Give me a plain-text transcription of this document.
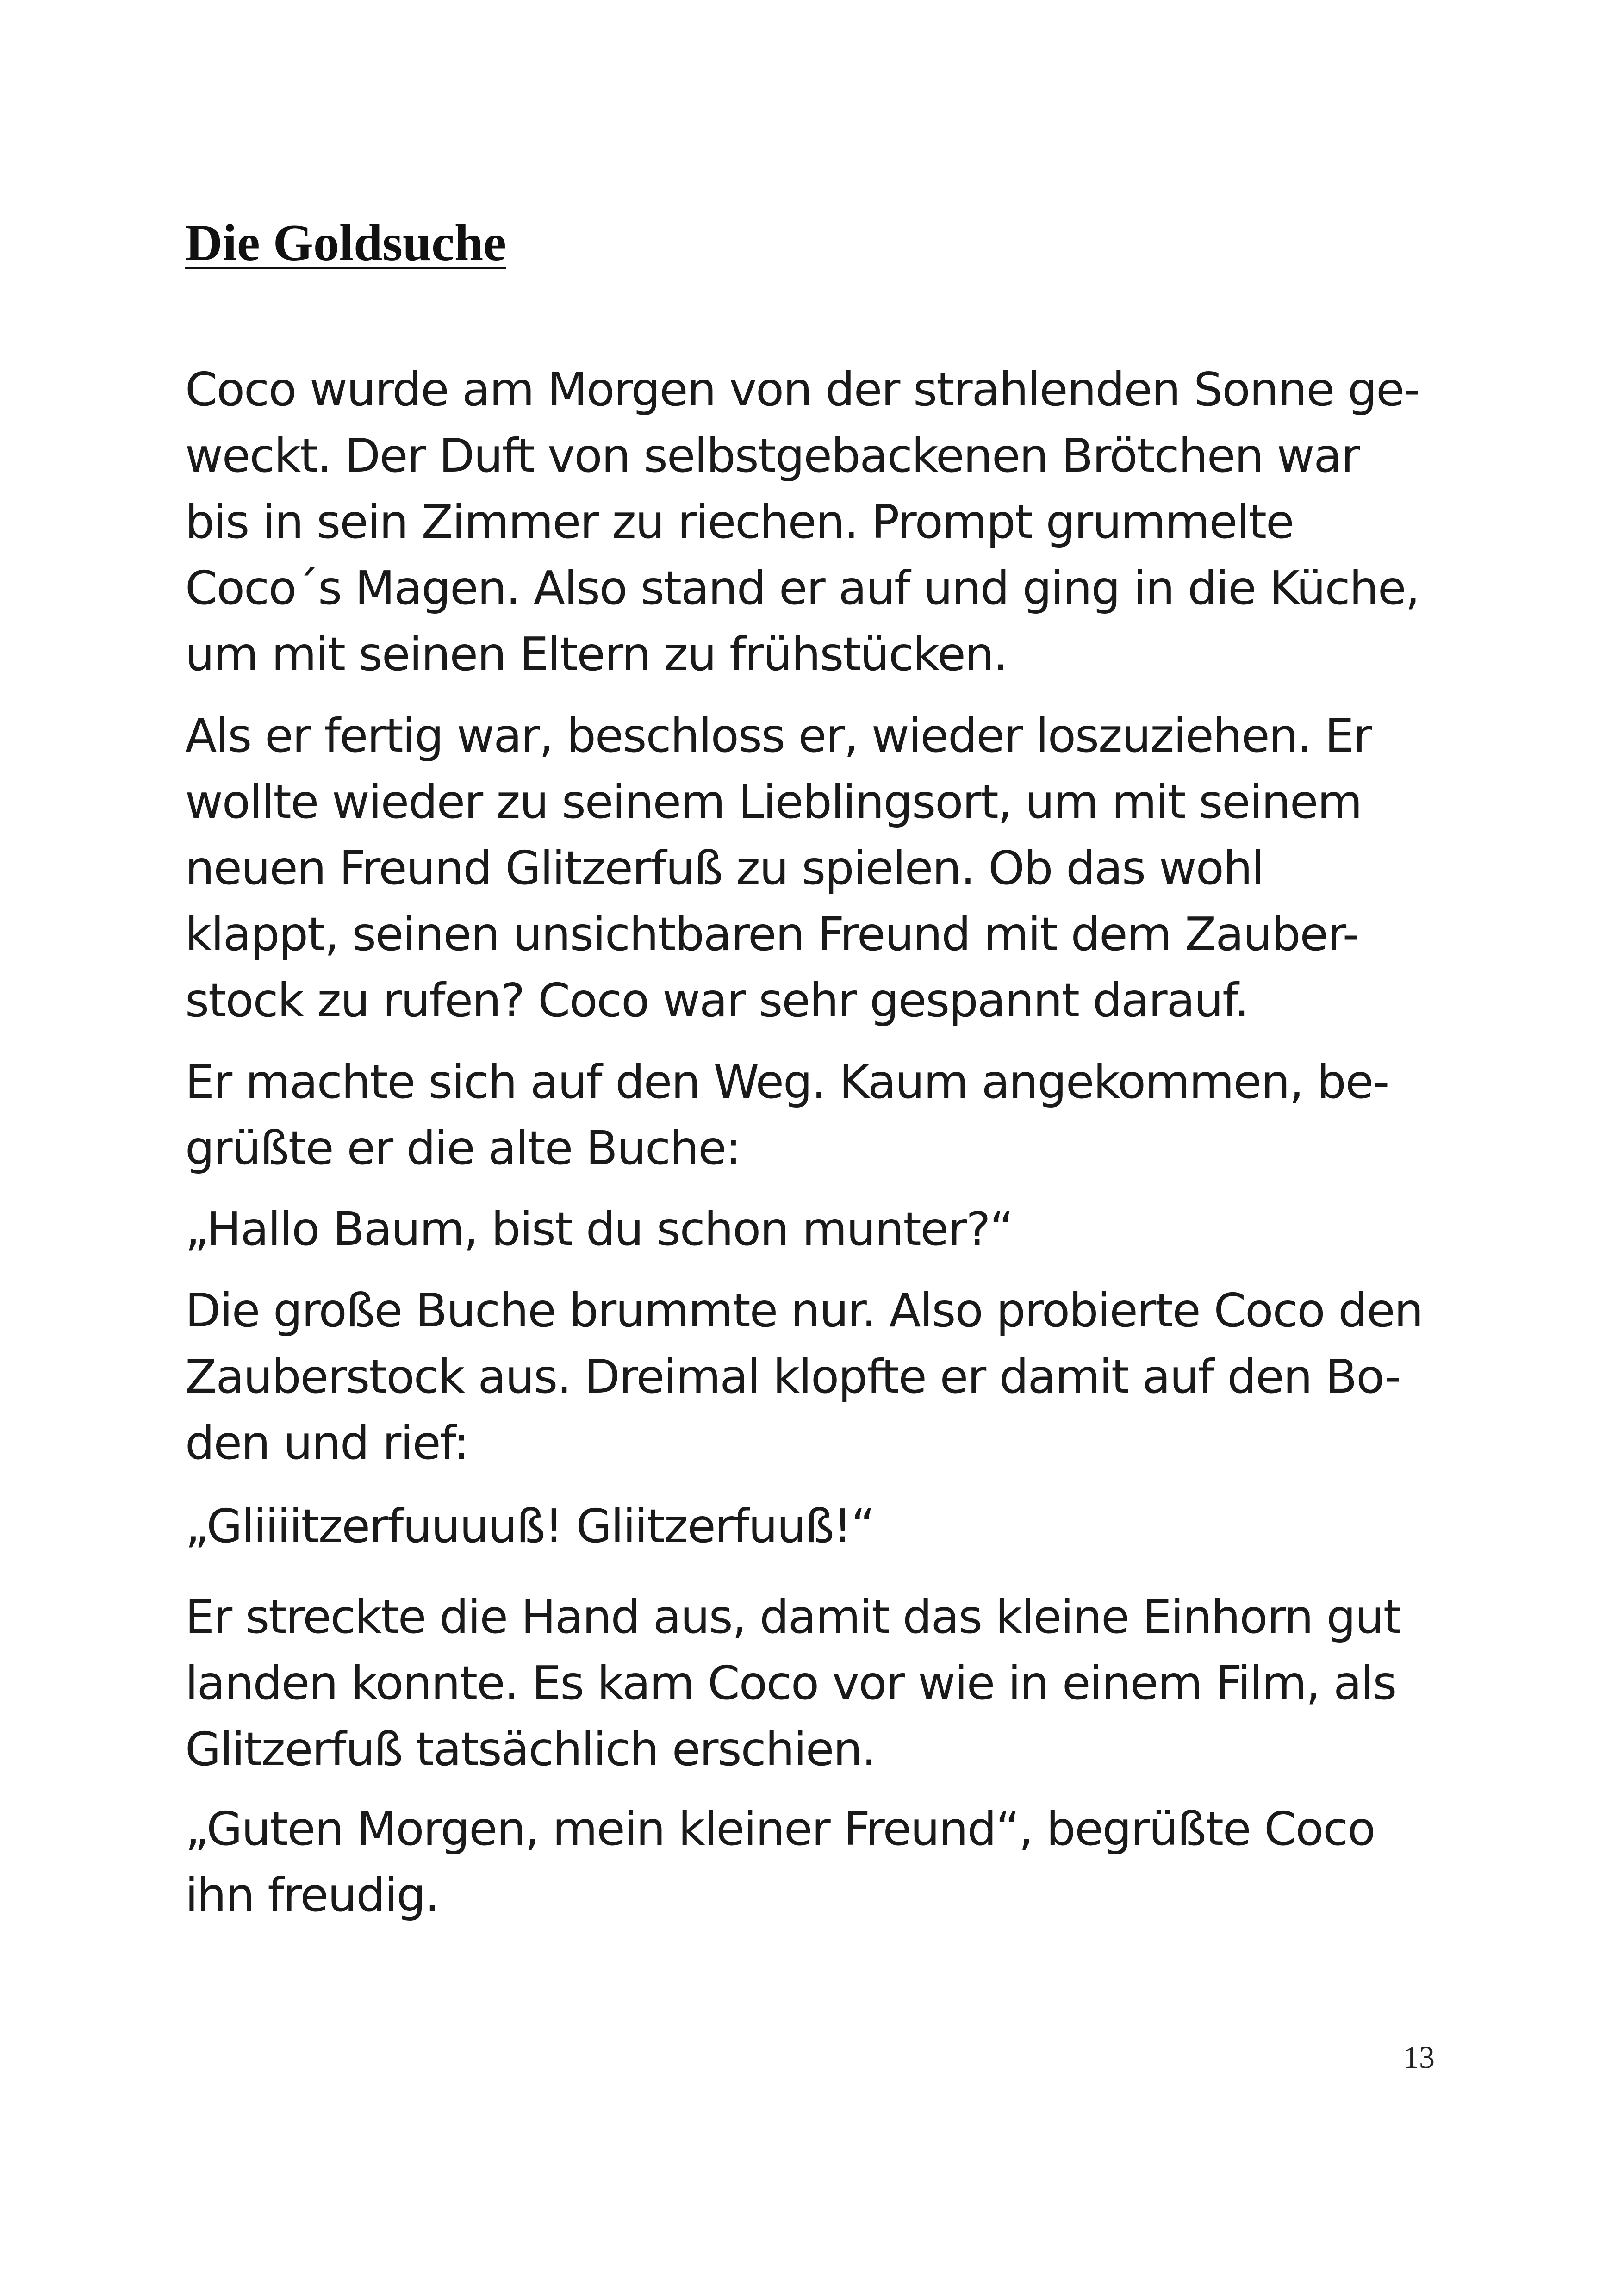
Die Goldsuche

Coco wurde am Morgen von der strahlenden Sonne ge-
weckt. Der Duft von selbstgebackenen Brötchen war
bis in sein Zimmer zu riechen. Prompt grummelte
Coco´s Magen. Also stand er auf und ging in die Küche,
um mit seinen Eltern zu frühstücken.

Als er fertig war, beschloss er, wieder loszuziehen. Er
wollte wieder zu seinem Lieblingsort, um mit seinem
neuen Freund Glitzerfuß zu spielen. Ob das wohl
klappt, seinen unsichtbaren Freund mit dem Zauber-
stock zu rufen? Coco war sehr gespannt darauf.

Er machte sich auf den Weg. Kaum angekommen, be-
grüßte er die alte Buche:

„Hallo Baum, bist du schon munter?“

Die große Buche brummte nur. Also probierte Coco den
Zauberstock aus. Dreimal klopfte er damit auf den Bo-
den und rief:

„Gliiiitzerfuuuuß! Gliitzerfuuß!“

Er streckte die Hand aus, damit das kleine Einhorn gut
landen konnte. Es kam Coco vor wie in einem Film, als
Glitzerfuß tatsächlich erschien.

„Guten Morgen, mein kleiner Freund“, begrüßte Coco
ihn freudig.

13
